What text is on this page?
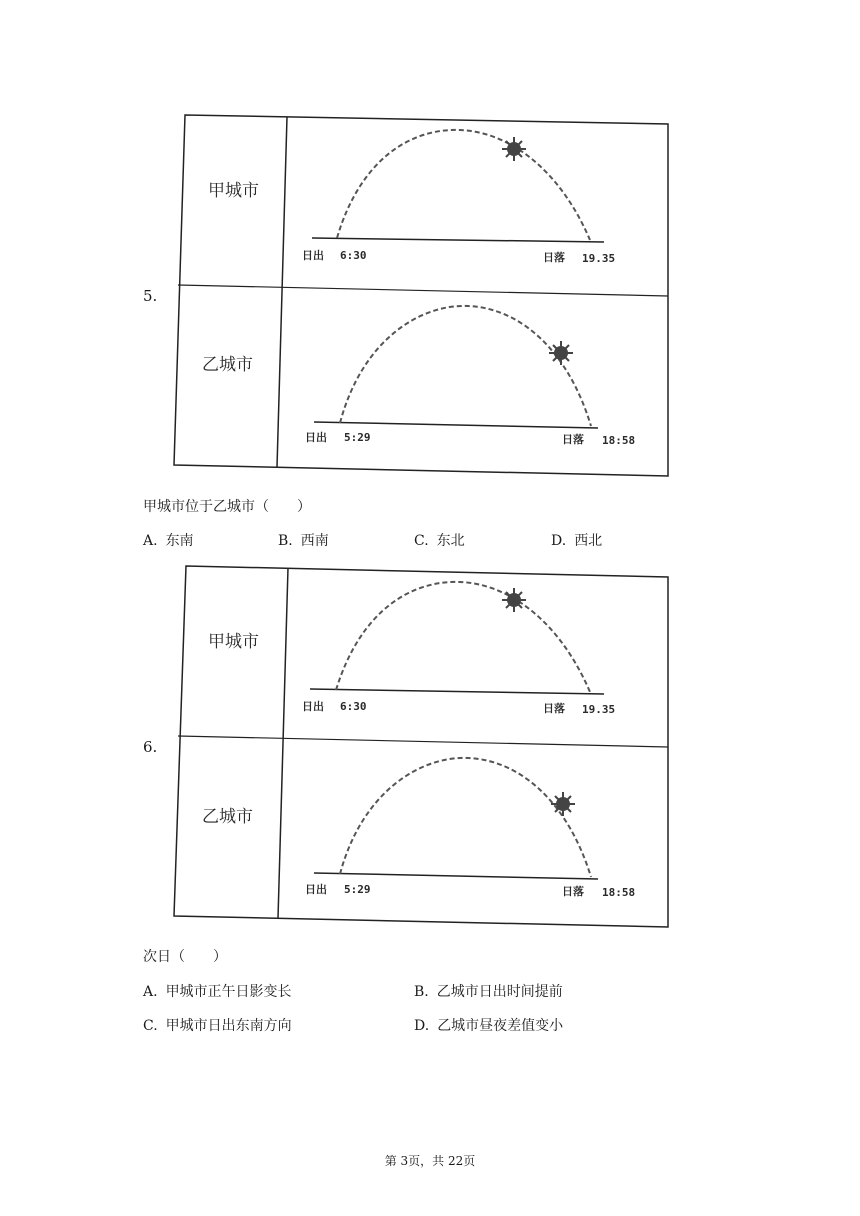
5.
甲城市
日出 6:30	日落 19.35
乙城市
日出 5:29	日落 18:58
甲城市位于乙城市（　　）
A. 东南	B. 西南	C. 东北	D. 西北
6.
甲城市
日出 6:30	日落 19.35
乙城市
日出 5:29	日落 18:58
次日（　　）
A. 甲城市正午日影变长	B. 乙城市日出时间提前
C. 甲城市日出东南方向	D. 乙城市昼夜差值变小
第 3页，共 22页
